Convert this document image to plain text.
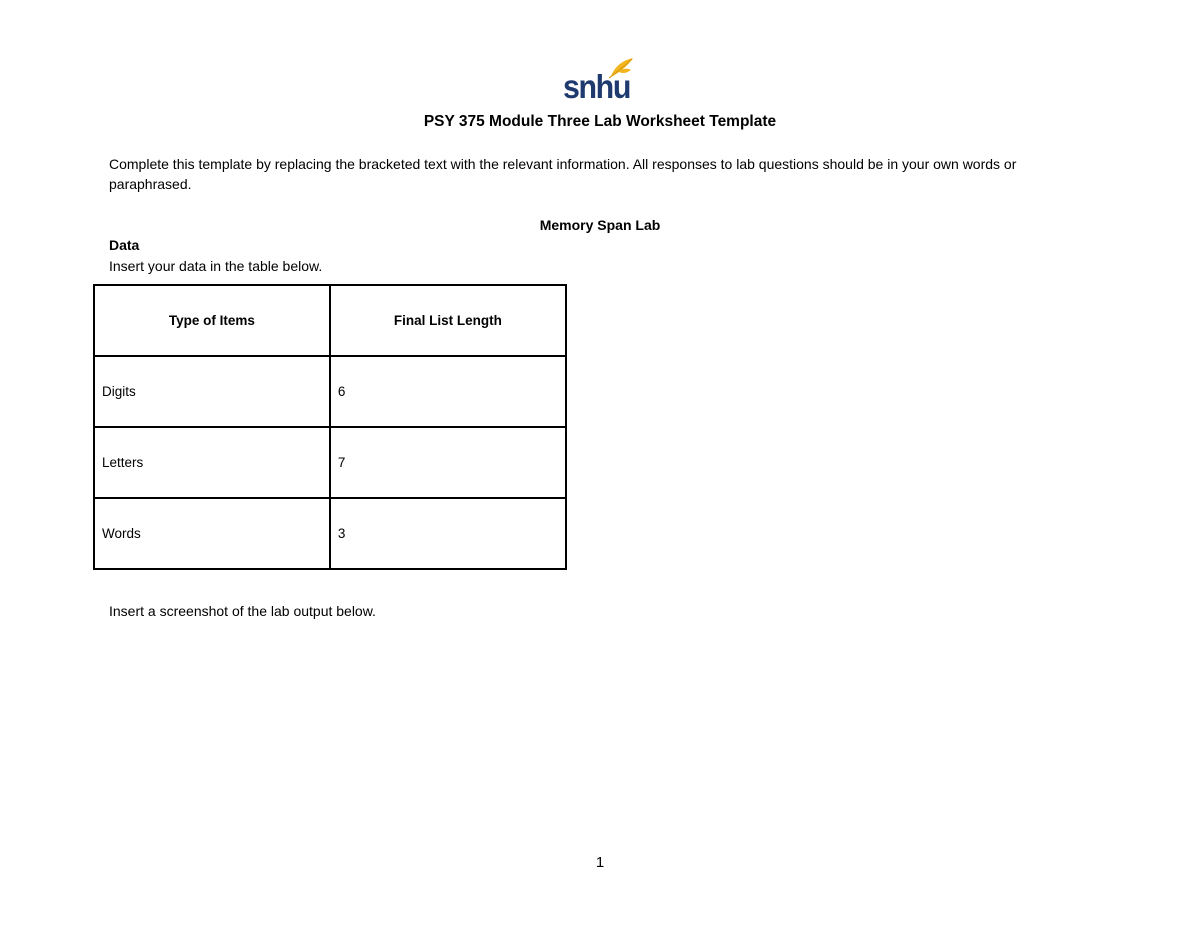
snhu
PSY 375 Module Three Lab Worksheet Template
Complete this template by replacing the bracketed text with the relevant information. All responses to lab questions should be in your own words or paraphrased.
Memory Span Lab
Data
Insert your data in the table below.
Type of Items	Final List Length
Digits	6
Letters	7
Words	3
Insert a screenshot of the lab output below.
1
